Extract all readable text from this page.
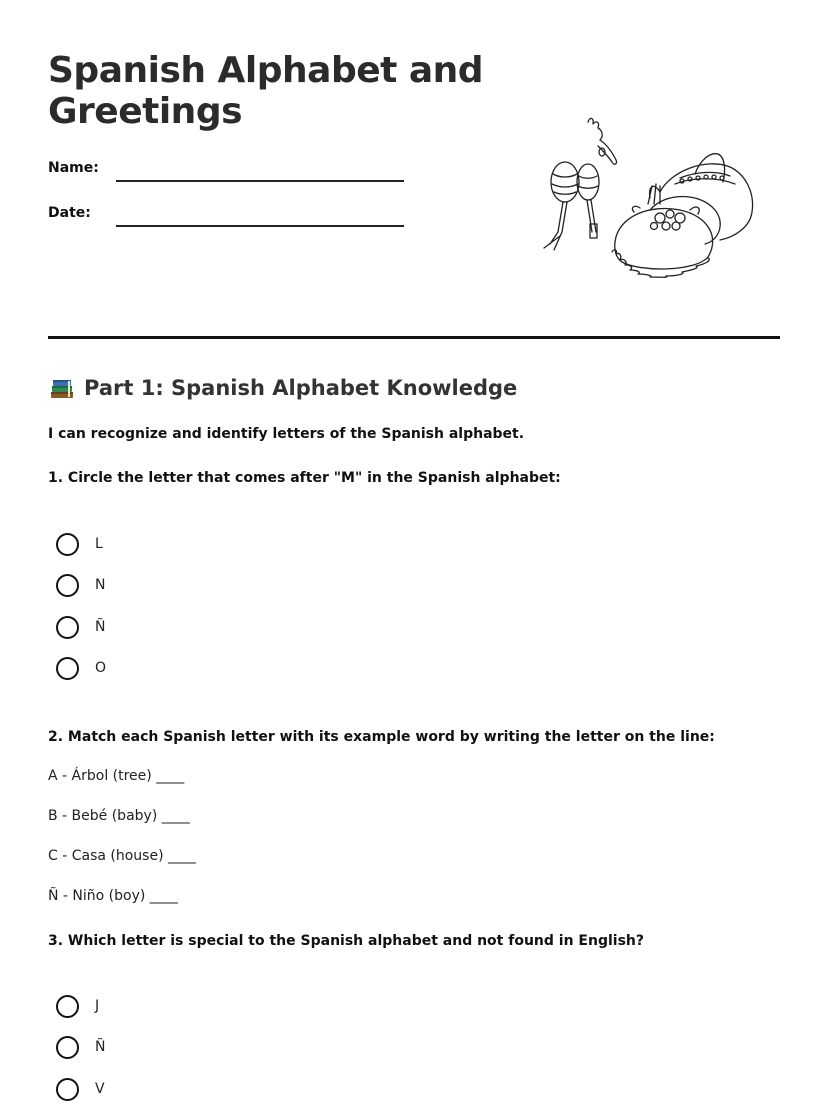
Spanish Alphabet and Greetings
Name:
Date:
Part 1: Spanish Alphabet Knowledge
I can recognize and identify letters of the Spanish alphabet.
1. Circle the letter that comes after "M" in the Spanish alphabet:
L
N
Ñ
O
2. Match each Spanish letter with its example word by writing the letter on the line:
A - Árbol (tree) ____
B - Bebé (baby) ____
C - Casa (house) ____
Ñ - Niño (boy) ____
3. Which letter is special to the Spanish alphabet and not found in English?
J
Ñ
V
